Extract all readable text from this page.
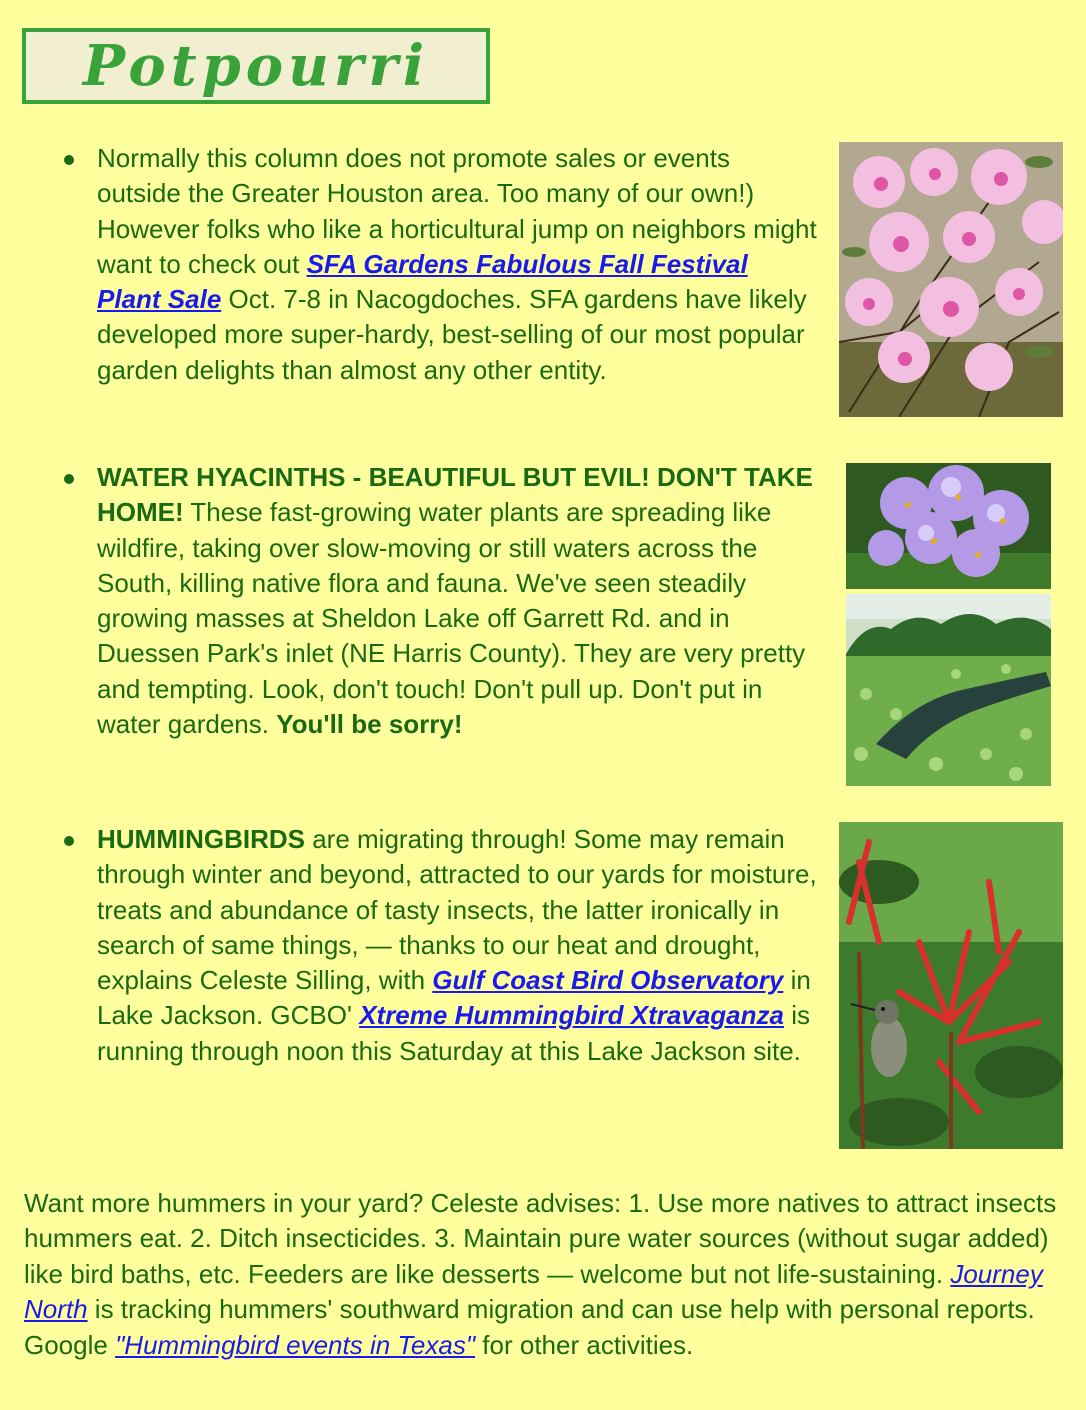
Potpourri
Normally this column does not promote sales or events outside the Greater Houston area. Too many of our own!) However folks who like a horticultural jump on neighbors might want to check out SFA Gardens Fabulous Fall Festival Plant Sale Oct. 7-8 in Nacogdoches. SFA gardens have likely developed more super-hardy, best-selling of our most popular garden delights than almost any other entity.
WATER HYACINTHS - BEAUTIFUL BUT EVIL! DON'T TAKE HOME! These fast-growing water plants are spreading like wildfire, taking over slow-moving or still waters across the South, killing native flora and fauna. We've seen steadily growing masses at Sheldon Lake off Garrett Rd. and in Duessen Park's inlet (NE Harris County). They are very pretty and tempting. Look, don't touch! Don't pull up. Don't put in water gardens. You'll be sorry!
HUMMINGBIRDS are migrating through! Some may remain through winter and beyond, attracted to our yards for moisture, treats and abundance of tasty insects, the latter ironically in search of same things, — thanks to our heat and drought, explains Celeste Silling, with Gulf Coast Bird Observatory in Lake Jackson. GCBO' Xtreme Hummingbird Xtravaganza is running through noon this Saturday at this Lake Jackson site.
Want more hummers in your yard? Celeste advises: 1. Use more natives to attract insects hummers eat. 2. Ditch insecticides. 3. Maintain pure water sources (without sugar added) like bird baths, etc. Feeders are like desserts — welcome but not life-sustaining. Journey North is tracking hummers' southward migration and can use help with personal reports. Google "Hummingbird events in Texas" for other activities.
